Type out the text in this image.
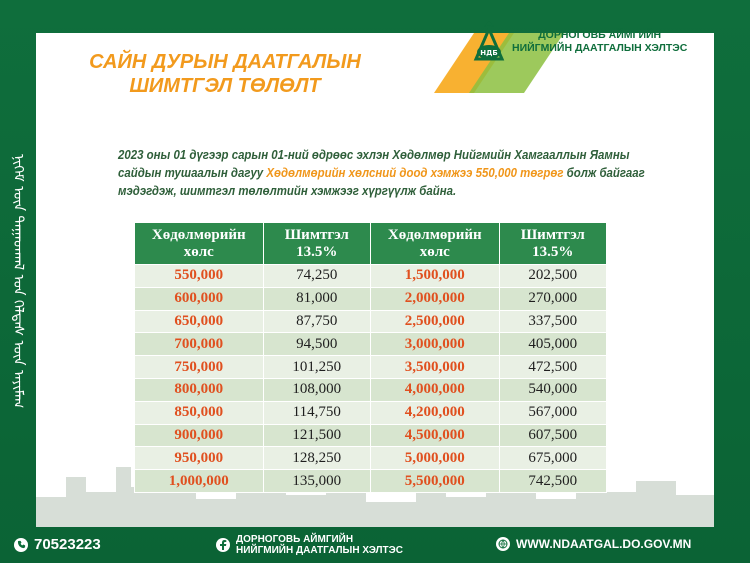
ᠨᠢᠭᠡᠮ ᠦᠨ ᠳᠠᠭᠠᠳᠭᠠᠯ ᠤᠨ ᠬᠡᠯᠲᠡᠰ ᠦᠨ ᠠᠶᠢᠮᠠᠭ
САЙН ДУРЫН ДААТГАЛЫН
ШИМТГЭЛ ТӨЛӨЛТ
НДБ
ДОРНОГОВЬ АЙМГИЙН
НИЙГМИЙН ДААТГАЛЫН ХЭЛТЭС
2023 оны 01 дүгээр сарын 01-ний өдрөөс эхлэн Хөдөлмөр Нийгмийн Хамгааллын Яамны сайдын тушаалын дагуу Хөдөлмөрийн хөлсний доод хэмжээ 550,000 төгрөг болж байгааг мэдэгдэж, шимтгэл төлөлтийн хэмжээг хүргүүлж байна.
Хөдөлмөрийн хөлс	Шимтгэл 13.5%	Хөдөлмөрийн хөлс	Шимтгэл 13.5%
550,000	74,250	1,500,000	202,500
600,000	81,000	2,000,000	270,000
650,000	87,750	2,500,000	337,500
700,000	94,500	3,000,000	405,000
750,000	101,250	3,500,000	472,500
800,000	108,000	4,000,000	540,000
850,000	114,750	4,200,000	567,000
900,000	121,500	4,500,000	607,500
950,000	128,250	5,000,000	675,000
1,000,000	135,000	5,500,000	742,500
70523223	ДОРНОГОВЬ АЙМГИЙН
НИЙГМИЙН ДААТГАЛЫН ХЭЛТЭС	WWW.NDAATGAL.DO.GOV.MN
